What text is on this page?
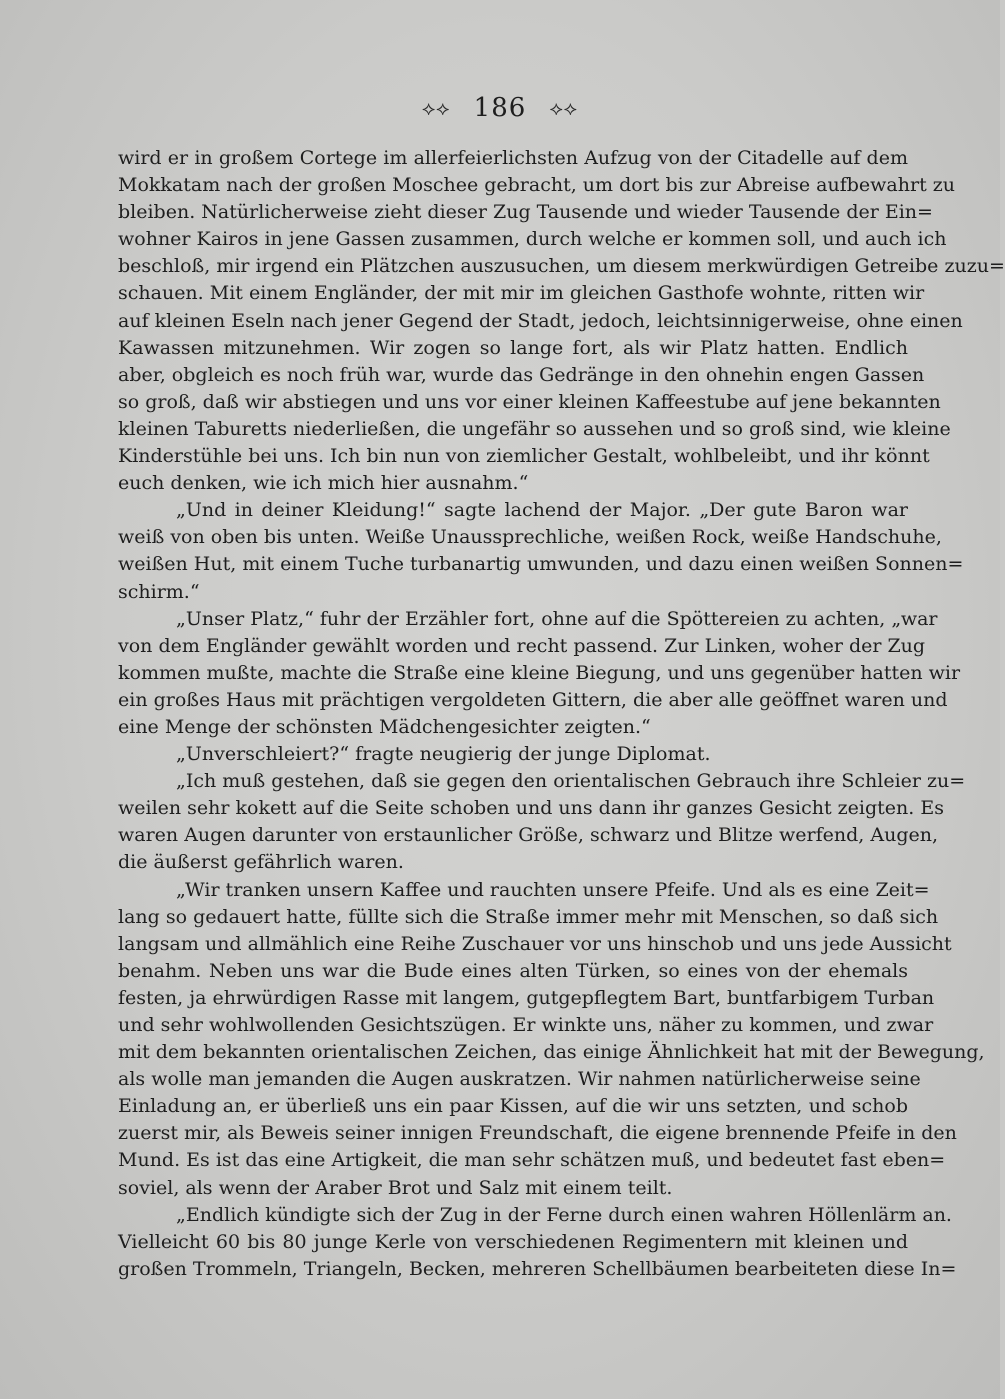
⟡⟡ 186 ⟡⟡
wird er in großem Cortege im allerfeierlichsten Aufzug von der Citadelle auf dem
Mokkatam nach der großen Moschee gebracht, um dort bis zur Abreise aufbewahrt zu
bleiben. Natürlicherweise zieht dieser Zug Tausende und wieder Tausende der Ein=
wohner Kairos in jene Gassen zusammen, durch welche er kommen soll, und auch ich
beschloß, mir irgend ein Plätzchen auszusuchen, um diesem merkwürdigen Getreibe zuzu=
schauen. Mit einem Engländer, der mit mir im gleichen Gasthofe wohnte, ritten wir
auf kleinen Eseln nach jener Gegend der Stadt, jedoch, leichtsinnigerweise, ohne einen
Kawassen mitzunehmen. Wir zogen so lange fort, als wir Platz hatten. Endlich
aber, obgleich es noch früh war, wurde das Gedränge in den ohnehin engen Gassen
so groß, daß wir abstiegen und uns vor einer kleinen Kaffeestube auf jene bekannten
kleinen Taburetts niederließen, die ungefähr so aussehen und so groß sind, wie kleine
Kinderstühle bei uns. Ich bin nun von ziemlicher Gestalt, wohlbeleibt, und ihr könnt
euch denken, wie ich mich hier ausnahm.“
„Und in deiner Kleidung!“ sagte lachend der Major. „Der gute Baron war
weiß von oben bis unten. Weiße Unaussprechliche, weißen Rock, weiße Handschuhe,
weißen Hut, mit einem Tuche turbanartig umwunden, und dazu einen weißen Sonnen=
schirm.“
„Unser Platz,“ fuhr der Erzähler fort, ohne auf die Spöttereien zu achten, „war
von dem Engländer gewählt worden und recht passend. Zur Linken, woher der Zug
kommen mußte, machte die Straße eine kleine Biegung, und uns gegenüber hatten wir
ein großes Haus mit prächtigen vergoldeten Gittern, die aber alle geöffnet waren und
eine Menge der schönsten Mädchengesichter zeigten.“
„Unverschleiert?“ fragte neugierig der junge Diplomat.
„Ich muß gestehen, daß sie gegen den orientalischen Gebrauch ihre Schleier zu=
weilen sehr kokett auf die Seite schoben und uns dann ihr ganzes Gesicht zeigten. Es
waren Augen darunter von erstaunlicher Größe, schwarz und Blitze werfend, Augen,
die äußerst gefährlich waren.
„Wir tranken unsern Kaffee und rauchten unsere Pfeife. Und als es eine Zeit=
lang so gedauert hatte, füllte sich die Straße immer mehr mit Menschen, so daß sich
langsam und allmählich eine Reihe Zuschauer vor uns hinschob und uns jede Aussicht
benahm. Neben uns war die Bude eines alten Türken, so eines von der ehemals
festen, ja ehrwürdigen Rasse mit langem, gutgepflegtem Bart, buntfarbigem Turban
und sehr wohlwollenden Gesichtszügen. Er winkte uns, näher zu kommen, und zwar
mit dem bekannten orientalischen Zeichen, das einige Ähnlichkeit hat mit der Bewegung,
als wolle man jemanden die Augen auskratzen. Wir nahmen natürlicherweise seine
Einladung an, er überließ uns ein paar Kissen, auf die wir uns setzten, und schob
zuerst mir, als Beweis seiner innigen Freundschaft, die eigene brennende Pfeife in den
Mund. Es ist das eine Artigkeit, die man sehr schätzen muß, und bedeutet fast eben=
soviel, als wenn der Araber Brot und Salz mit einem teilt.
„Endlich kündigte sich der Zug in der Ferne durch einen wahren Höllenlärm an.
Vielleicht 60 bis 80 junge Kerle von verschiedenen Regimentern mit kleinen und
großen Trommeln, Triangeln, Becken, mehreren Schellbäumen bearbeiteten diese In=
